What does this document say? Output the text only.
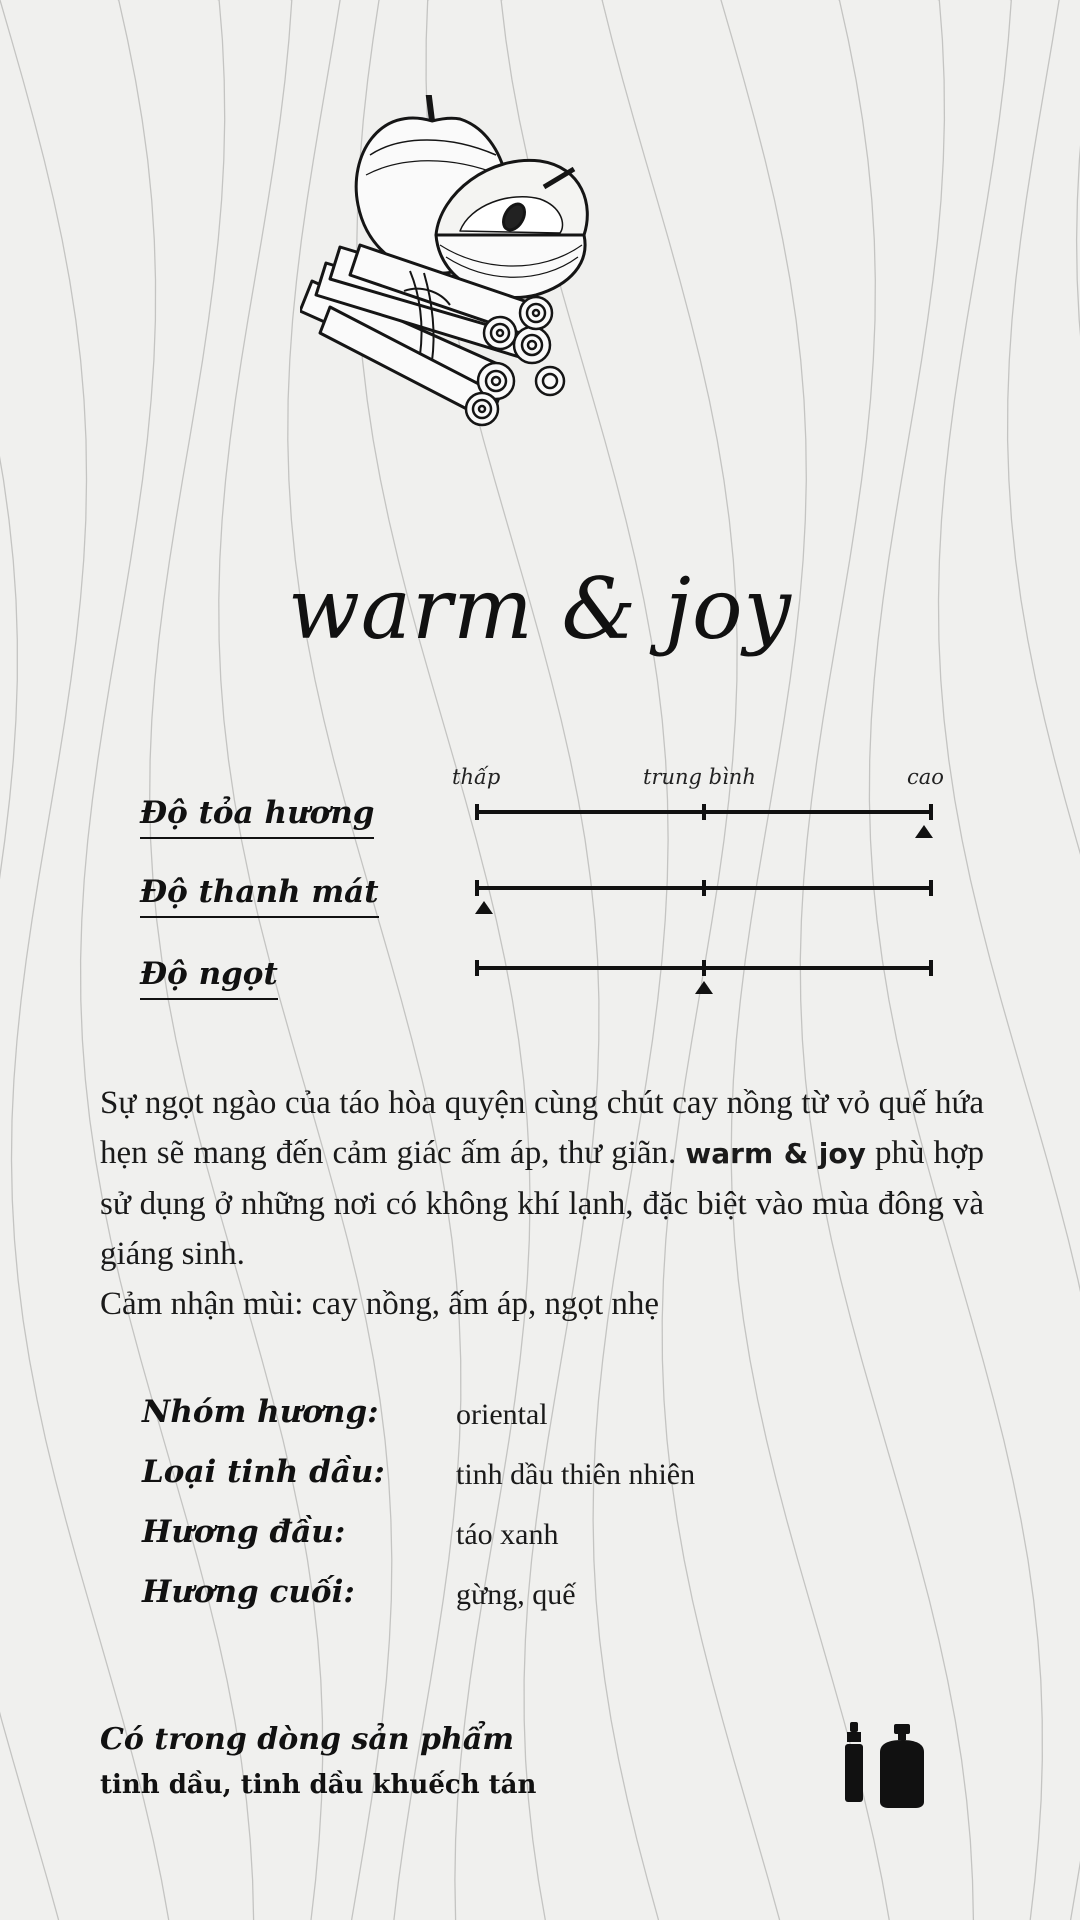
warm & joy
thấp	trung bình	cao
Độ tỏa hương
Độ thanh mát
Độ ngọt

Sự ngọt ngào của táo hòa quyện cùng chút cay nồng từ vỏ quế hứa hẹn sẽ mang đến cảm giác ấm áp, thư giãn. warm & joy phù hợp sử dụng ở những nơi có không khí lạnh, đặc biệt vào mùa đông và giáng sinh.

Cảm nhận mùi: cay nồng, ấm áp, ngọt nhẹ

Nhóm hương:	oriental
Loại tinh dầu: tinh dầu thiên nhiên
Hương đầu:	táo xanh
Hương cuối:	gừng, quế
Có trong dòng sản phẩm
tinh dầu, tinh dầu khuếch tán
